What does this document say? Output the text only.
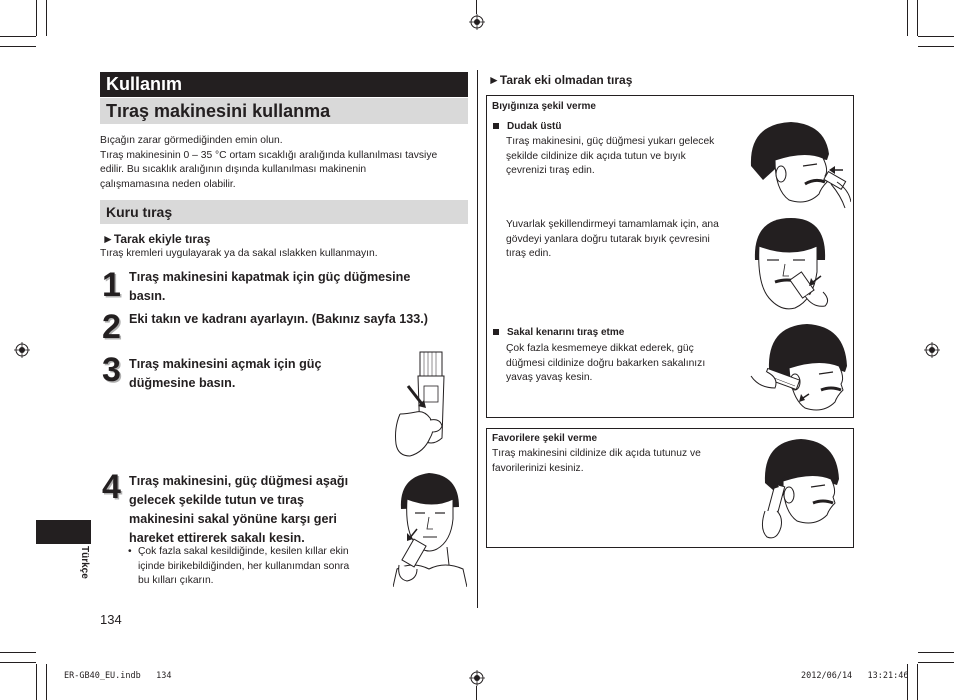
Kullanım
Tıraş makinesini kullanma
Bıçağın zarar görmediğinden emin olun.
Tıraş makinesinin 0 – 35 °C ortam sıcaklığı aralığında kullanılması tavsiye
edilir. Bu sıcaklık aralığının dışında kullanılması makinenin
çalışmamasına neden olabilir.
Kuru tıraş
►Tarak ekiyle tıraş
Tıraş kremleri uygulayarak ya da sakal ıslakken kullanmayın.
1 Tıraş makinesini kapatmak için güç düğmesine
basın.
2 Eki takın ve kadranı ayarlayın. (Bakınız sayfa 133.)
3 Tıraş makinesini açmak için güç
düğmesine basın.
4 Tıraş makinesini, güç düğmesi aşağı
gelecek şekilde tutun ve tıraş
makinesini sakal yönüne karşı geri
hareket ettirerek sakalı kesin.
• Çok fazla sakal kesildiğinde, kesilen kıllar ekin
içinde birikebildiğinden, her kullanımdan sonra
bu kılları çıkarın.
Türkçe
134
►Tarak eki olmadan tıraş
Bıyığınıza şekil verme
Dudak üstü
Tıraş makinesini, güç düğmesi yukarı gelecek
şekilde cildinize dik açıda tutun ve bıyık
çevrenizi tıraş edin.
Yuvarlak şekillendirmeyi tamamlamak için, ana
gövdeyi yanlara doğru tutarak bıyık çevresini
tıraş edin.
Sakal kenarını tıraş etme
Çok fazla kesmemeye dikkat ederek, güç
düğmesi cildinize doğru bakarken sakalınızı
yavaş yavaş kesin.
Favorilere şekil verme
Tıraş makinesini cildinize dik açıda tutunuz ve
favorilerinizi kesiniz.
ER-GB40_EU.indb   134	2012/06/14   13:21:46
